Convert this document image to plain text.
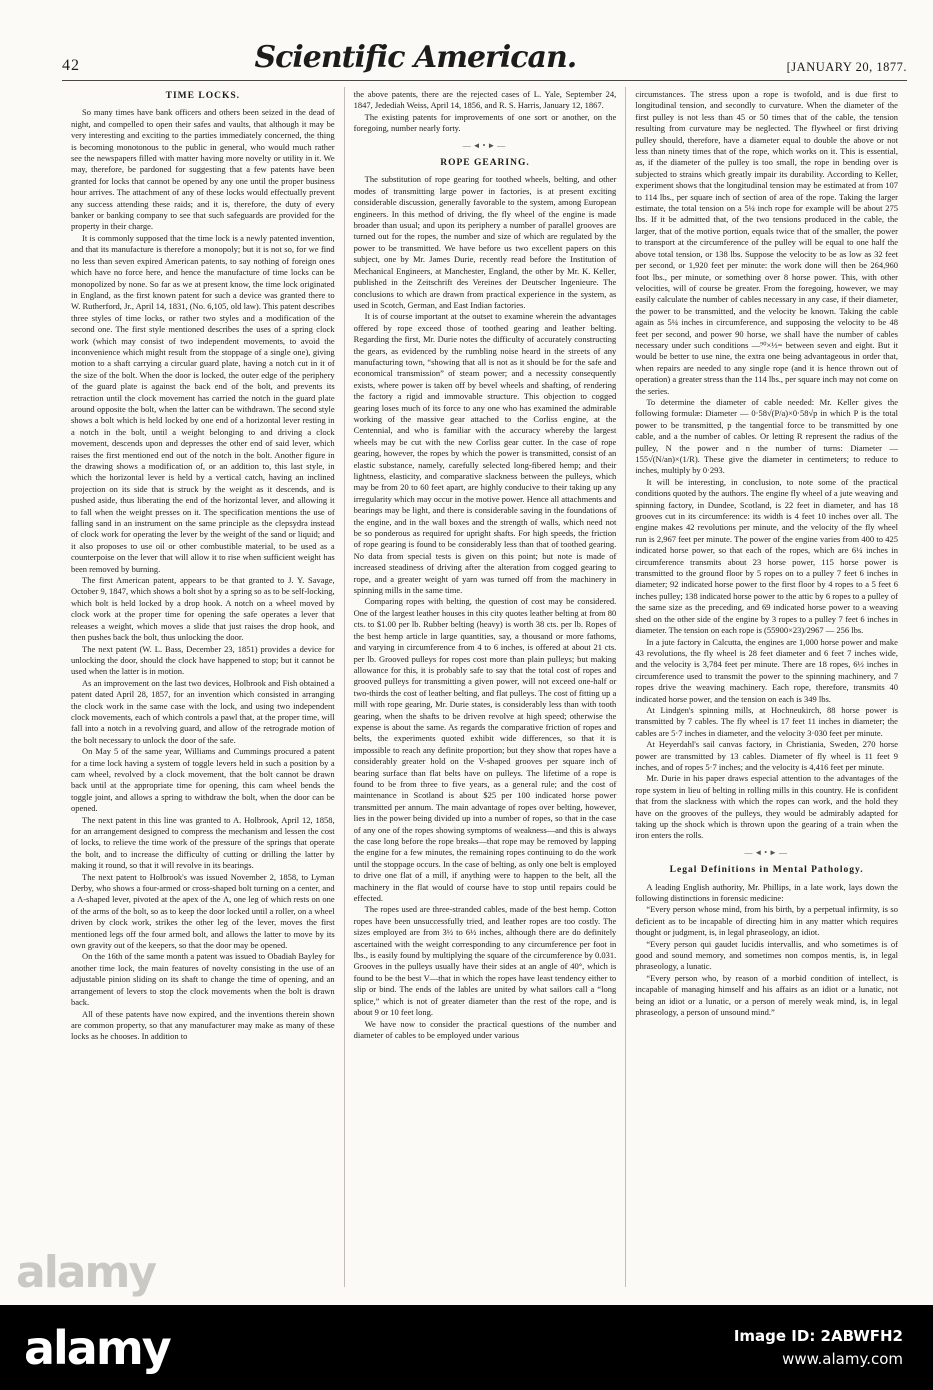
42	Scientific American.	[JANUARY 20, 1877.
TIME LOCKS.

So many times have bank officers and others been seized in the dead of night, and compelled to open their safes and vaults, that although it may be very interesting and exciting to the parties immediately concerned, the thing is becoming monotonous to the public in general, who would much rather see the newspapers filled with matter having more novelty or utility in it. We may, therefore, be pardoned for suggesting that a few patents have been granted for locks that cannot be opened by any one until the proper business hour arrives. The attachment of any of these locks would effectually prevent any success attending these raids; and it is, therefore, the duty of every banker or banking company to see that such safeguards are provided for the property in their charge.

It is commonly supposed that the time lock is a newly patented invention, and that its manufacture is therefore a monopoly; but it is not so, for we find no less than seven expired American patents, to say nothing of foreign ones which have no force here, and hence the manufacture of time locks can be monopolized by none. So far as we at present know, the time lock originated in England, as the first known patent for such a device was granted there to W. Rutherford, Jr., April 14, 1831, (No. 6,105, old law). This patent describes three styles of time locks, or rather two styles and a modification of the second one. The first style mentioned describes the uses of a spring clock work (which may consist of two independent movements, to avoid the inconvenience which might result from the stoppage of a single one), giving motion to a shaft carrying a circular guard plate, having a notch cut in it of the size of the bolt. When the door is locked, the outer edge of the periphery of the guard plate is against the back end of the bolt, and prevents its retraction until the clock movement has carried the notch in the guard plate around opposite the bolt, when the latter can be withdrawn. The second style shows a bolt which is held locked by one end of a horizontal lever resting in a notch in the bolt, until a weight belonging to and driving a clock movement, descends upon and depresses the other end of said lever, which raises the first mentioned end out of the notch in the bolt. Another figure in the drawing shows a modification of, or an addition to, this last style, in which the horizontal lever is held by a vertical catch, having an inclined projection on its side that is struck by the weight as it descends, and is pushed aside, thus liberating the end of the horizontal lever, and allowing it to fall when the weight presses on it. The specification mentions the use of falling sand in an instrument on the same principle as the clepsydra instead of clock work for operating the lever by the weight of the sand or liquid; and it also proposes to use oil or other combustible material, to be used as a counterpoise on the lever that will allow it to rise when sufficient weight has been removed by burning.

The first American patent, appears to be that granted to J. Y. Savage, October 9, 1847, which shows a bolt shot by a spring so as to be self-locking, which bolt is held locked by a drop hook. A notch on a wheel moved by clock work at the proper time for opening the safe operates a lever that releases a weight, which moves a slide that just raises the drop hook, and then pushes back the bolt, thus unlocking the door.

The next patent (W. L. Bass, December 23, 1851) provides a device for unlocking the door, should the clock have happened to stop; but it cannot be used when the latter is in motion.

As an improvement on the last two devices, Holbrook and Fish obtained a patent dated April 28, 1857, for an invention which consisted in arranging the clock work in the same case with the lock, and using two independent clock movements, each of which controls a pawl that, at the proper time, will fall into a notch in a revolving guard, and allow of the retrograde motion of the bolt necessary to unlock the door of the safe.

On May 5 of the same year, Williams and Cummings procured a patent for a time lock having a system of toggle levers held in such a position by a cam wheel, revolved by a clock movement, that the bolt cannot be drawn back until at the appropriate time for opening, this cam wheel bends the toggle joint, and allows a spring to withdraw the bolt, when the door can be opened.

The next patent in this line was granted to A. Holbrook, April 12, 1858, for an arrangement designed to compress the mechanism and lessen the cost of locks, to relieve the time work of the pressure of the springs that operate the bolt, and to increase the difficulty of cutting or drilling the latter by making it round, so that it will revolve in its bearings.

The next patent to Holbrook's was issued November 2, 1858, to Lyman Derby, who shows a four-armed or cross-shaped bolt turning on a center, and a Λ-shaped lever, pivoted at the apex of the Λ, one leg of which rests on one of the arms of the bolt, so as to keep the door locked until a roller, on a wheel driven by clock work, strikes the other leg of the lever, moves the first mentioned legs off the four armed bolt, and allows the latter to move by its own gravity out of the keepers, so that the door may be opened.

On the 16th of the same month a patent was issued to Obadiah Bayley for another time lock, the main features of novelty consisting in the use of an adjustable pinion sliding on its shaft to change the time of opening, and an arrangement of levers to stop the clock movements when the bolt is drawn back.

All of these patents have now expired, and the inventions therein shown are common property, so that any manufacturer may make as many of these locks as he chooses. In addition to

the above patents, there are the rejected cases of L. Yale, September 24, 1847, Jedediah Weiss, April 14, 1856, and R. S. Harris, January 12, 1867.

The existing patents for improvements of one sort or another, on the foregoing, number nearly forty.

―◄•►―
ROPE GEARING.

The substitution of rope gearing for toothed wheels, belting, and other modes of transmitting large power in factories, is at present exciting considerable discussion, generally favorable to the system, among European engineers. In this method of driving, the fly wheel of the engine is made broader than usual; and upon its periphery a number of parallel grooves are turned out for the ropes, the number and size of which are regulated by the power to be transmitted. We have before us two excellent papers on this subject, one by Mr. James Durie, recently read before the Institution of Mechanical Engineers, at Manchester, England, the other by Mr. K. Keller, published in the Zeitschrift des Vereines der Deutscher Ingenieure. The conclusions to which are drawn from practical experience in the system, as used in Scotch, German, and East Indian factories.

It is of course important at the outset to examine wherein the advantages offered by rope exceed those of toothed gearing and leather belting. Regarding the first, Mr. Durie notes the difficulty of accurately constructing the gears, as evidenced by the rumbling noise heard in the streets of any manufacturing town, “showing that all is not as it should be for the safe and economical transmission” of steam power; and a necessity consequently exists, where power is taken off by bevel wheels and shafting, of rendering the factory a rigid and immovable structure. This objection to cogged gearing loses much of its force to any one who has examined the admirable working of the massive gear attached to the Corliss engine, at the Centennial, and who is familiar with the accuracy whereby the largest wheels may be cut with the new Corliss gear cutter. In the case of rope gearing, however, the ropes by which the power is transmitted, consist of an elastic substance, namely, carefully selected long-fibered hemp; and their lightness, elasticity, and comparative slackness between the pulleys, which may be from 20 to 60 feet apart, are highly conducive to their taking up any irregularity which may occur in the motive power. Hence all attachments and bearings may be light, and there is considerable saving in the foundations of the engine, and in the wall boxes and the strength of walls, which need not be so ponderous as required for upright shafts. For high speeds, the friction of rope gearing is found to be considerably less than that of toothed gearing. No data from special tests is given on this point; but note is made of increased steadiness of driving after the alteration from cogged gearing to rope, and a greater weight of yarn was turned off from the machinery in spinning mills in the same time.

Comparing ropes with belting, the question of cost may be considered. One of the largest leather houses in this city quotes leather belting at from 80 cts. to $1.00 per lb. Rubber belting (heavy) is worth 38 cts. per lb. Ropes of the best hemp article in large quantities, say, a thousand or more fathoms, and varying in circumference from 4 to 6 inches, is offered at about 21 cts. per lb. Grooved pulleys for ropes cost more than plain pulleys; but making allowance for this, it is probably safe to say that the total cost of ropes and grooved pulleys for transmitting a given power, will not exceed one-half or two-thirds the cost of leather belting, and flat pulleys. The cost of fitting up a mill with rope gearing, Mr. Durie states, is considerably less than with tooth gearing, when the shafts to be driven revolve at high speed; otherwise the expense is about the same. As regards the comparative friction of ropes and belts, the experiments quoted exhibit wide differences, so that it is impossible to reach any definite proportion; but they show that ropes have a considerably greater hold on the V-shaped grooves per square inch of bearing surface than flat belts have on pulleys. The lifetime of a rope is found to be from three to five years, as a general rule; and the cost of maintenance in Scotland is about $25 per 100 indicated horse power transmitted per annum. The main advantage of ropes over belting, however, lies in the power being divided up into a number of ropes, so that in the case of any one of the ropes showing symptoms of weakness—and this is always the case long before the rope breaks—that rope may be removed by lapping the engine for a few minutes, the remaining ropes continuing to do the work until the stoppage occurs. In the case of belting, as only one belt is employed to drive one flat of a mill, if anything were to happen to the belt, all the machinery in the flat would of course have to stop until repairs could be effected.

The ropes used are three-stranded cables, made of the best hemp. Cotton ropes have been unsuccessfully tried, and leather ropes are too costly. The sizes employed are from 3½ to 6½ inches, although there are do definitely ascertained with the weight corresponding to any circumference per foot in lbs., is easily found by multiplying the square of the circumference by 0.031. Grooves in the pulleys usually have their sides at an angle of 40°, which is found to be the best V—that in which the ropes have least tendency either to slip or bind. The ends of the lables are united by what sailors call a “long splice,” which is not of greater diameter than the rest of the rope, and is about 9 or 10 feet long.

We have now to consider the practical questions of the number and diameter of cables to be employed under various

circumstances. The stress upon a rope is twofold, and is due first to longitudinal tension, and secondly to curvature. When the diameter of the first pulley is not less than 45 or 50 times that of the cable, the tension resulting from curvature may be neglected. The flywheel or first driving pulley should, therefore, have a diameter equal to double the above or not less than ninety times that of the rope, which works on it. This is essential, as, if the diameter of the pulley is too small, the rope in bending over is subjected to strains which greatly impair its durability. According to Keller, experiment shows that the longitudinal tension may be estimated at from 107 to 114 lbs., per square inch of section of area of the rope. Taking the larger estimate, the total tension on a 5¼ inch rope for example will be about 275 lbs. If it be admitted that, of the two tensions produced in the cable, the larger, that of the motive portion, equals twice that of the smaller, the power to transport at the circumference of the pulley will be equal to one half the above total tension, or 138 lbs. Suppose the velocity to be as low as 32 feet per second, or 1,920 feet per minute: the work done will then be 264,960 foot lbs., per minute, or something over 8 horse power. This, with other velocities, will of course be greater. From the foregoing, however, we may easily calculate the number of cables necessary in any case, if their diameter, the power to be transmitted, and the velocity be known. Taking the cable again as 5¼ inches in circumference, and supposing the velocity to be 48 feet per second, and power 90 horse, we shall have the number of cables necessary under such conditions —⁹⁰×⅓= between seven and eight. But it would be better to use nine, the extra one being advantageous in order that, when repairs are needed to any single rope (and it is hence thrown out of operation) a greater stress than the 114 lbs., per square inch may not come on the series.

To determine the diameter of cable needed: Mr. Keller gives the following formulæ: Diameter — 0·58√(P/a)×0·58√p in which P is the total power to be transmitted, p the tangential force to be transmitted by one cable, and a the number of cables. Or letting R represent the radius of the pulley, N the power and n the number of turns: Diameter —155√(N/an)×(1/R). These give the diameter in centimeters; to reduce to inches, multiply by 0·293.

It will be interesting, in conclusion, to note some of the practical conditions quoted by the authors. The engine fly wheel of a jute weaving and spinning factory, in Dundee, Scotland, is 22 feet in diameter, and has 18 grooves cut in its circumference: its width is 4 feet 10 inches over all. The engine makes 42 revolutions per minute, and the velocity of the fly wheel run is 2,967 feet per minute. The power of the engine varies from 400 to 425 indicated horse power, so that each of the ropes, which are 6¼ inches in circumference transmits about 23 horse power, 115 horse power is transmitted to the ground floor by 5 ropes on to a pulley 7 feet 6 inches in diameter; 92 indicated horse power to the first floor by 4 ropes to a 5 feet 6 inches pulley; 138 indicated horse power to the attic by 6 ropes to a pulley of the same size as the preceding, and 69 indicated horse power to a weaving shed on the other side of the engine by 3 ropes to a pulley 7 feet 6 inches in diameter. The tension on each rope is (55900×23)/2967 — 256 lbs.

In a jute factory in Calcutta, the engines are 1,000 horse power and make 43 revolutions, the fly wheel is 28 feet diameter and 6 feet 7 inches wide, and the velocity is 3,784 feet per minute. There are 18 ropes, 6½ inches in circumference used to transmit the power to the spinning machinery, and 7 ropes drive the weaving machinery. Each rope, therefore, transmits 40 indicated horse power, and the tension on each is 349 lbs.

At Lindgen's spinning mills, at Hochneukirch, 88 horse power is transmitted by 7 cables. The fly wheel is 17 feet 11 inches in diameter; the cables are 5·7 inches in diameter, and the velocity 3·030 feet per minute.

At Heyerdahl's sail canvas factory, in Christiania, Sweden, 270 horse power are transmitted by 13 cables. Diameter of fly wheel is 11 feet 9 inches, and of ropes 5·7 inches; and the velocity is 4,416 feet per minute.

Mr. Durie in his paper draws especial attention to the advantages of the rope system in lieu of belting in rolling mills in this country. He is confident that from the slackness with which the ropes can work, and the hold they have on the grooves of the pulleys, they would be admirably adapted for taking up the shock which is thrown upon the gearing of a train when the iron enters the rolls.

―◄•►―
Legal Definitions in Mental Pathology.

A leading English authority, Mr. Phillips, in a late work, lays down the following distinctions in forensic medicine:

“Every person whose mind, from his birth, by a perpetual infirmity, is so deficient as to be incapable of directing him in any matter which requires thought or judgment, is, in legal phraseology, an idiot.

“Every person qui gaudet lucidis intervallis, and who sometimes is of good and sound memory, and sometimes non compos mentis, is, in legal phraseology, a lunatic.

“Every person who, by reason of a morbid condition of intellect, is incapable of managing himself and his affairs as an idiot or a lunatic, not being an idiot or a lunatic, or a person of merely weak mind, is, in legal phraseology, a person of unsound mind.”

alamy
alamy	Image ID: 2ABWFH2
www.alamy.com
